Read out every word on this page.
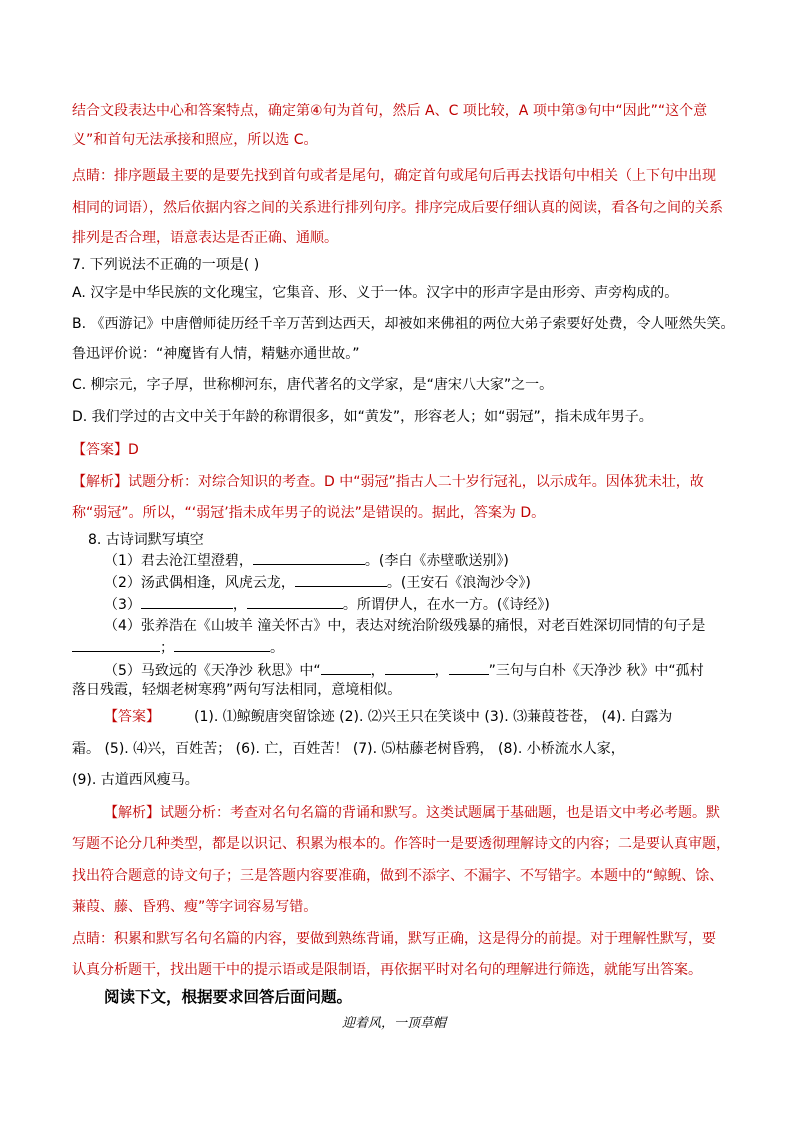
结合文段表达中心和答案特点，确定第④句为首句，然后 A、C 项比较，A 项中第③句中“因此”“这个意
义”和首句无法承接和照应，所以选 C。
点睛：排序题最主要的是要先找到首句或者是尾句，确定首句或尾句后再去找语句中相关（上下句中出现
相同的词语），然后依据内容之间的关系进行排列句序。排序完成后要仔细认真的阅读，看各句之间的关系
排列是否合理，语意表达是否正确、通顺。
7. 下列说法不正确的一项是( )
A. 汉字是中华民族的文化瑰宝，它集音、形、义于一体。汉字中的形声字是由形旁、声旁构成的。
B. 《西游记》中唐僧师徒历经千辛万苦到达西天，却被如来佛祖的两位大弟子索要好处费，令人哑然失笑。
鲁迅评价说：“神魔皆有人情，精魅亦通世故。”
C. 柳宗元，字子厚，世称柳河东，唐代著名的文学家，是“唐宋八大家”之一。
D. 我们学过的古文中关于年龄的称谓很多，如“黄发”，形容老人；如“弱冠”，指未成年男子。
【答案】D
【解析】试题分析：对综合知识的考查。D 中“弱冠”指古人二十岁行冠礼，以示成年。因体犹未壮，故
称“弱冠”。所以，“‘弱冠’指未成年男子的说法”是错误的。据此，答案为 D。
8. 古诗词默写填空
（1）君去沧江望澄碧，	。(李白《赤壁歌送别》)
（2）汤武偶相逢，风虎云龙，	。(王安石《浪淘沙令》)
（3）	，	。所谓伊人，在水一方。(《诗经》)
（4）张养浩在《山坡羊 潼关怀古》中，表达对统治阶级残暴的痛恨，对老百姓深切同情的句子是
；	。
（5）马致远的《天净沙 秋思》中“	，	，	”三句与白朴《天净沙 秋》中“孤村
落日残霞，轻烟老树寒鸦”两句写法相同，意境相似。
【答案】 (1). ⑴鲸鲵唐突留馀迹 (2). ⑵兴王只在笑谈中 (3). ⑶蒹葭苍苍， (4). 白露为
霜。 (5). ⑷兴，百姓苦； (6). 亡，百姓苦！ (7). ⑸枯藤老树昏鸦， (8). 小桥流水人家，
(9). 古道西风瘦马。
【解析】试题分析：考查对名句名篇的背诵和默写。这类试题属于基础题，也是语文中考必考题。默
写题不论分几种类型，都是以识记、积累为根本的。作答时一是要透彻理解诗文的内容；二是要认真审题，
找出符合题意的诗文句子；三是答题内容要准确，做到不添字、不漏字、不写错字。本题中的“鲸鲵、馀、
蒹葭、藤、昏鸦、瘦”等字词容易写错。
点睛：积累和默写名句名篇的内容，要做到熟练背诵，默写正确，这是得分的前提。对于理解性默写，要
认真分析题干，找出题干中的提示语或是限制语，再依据平时对名句的理解进行筛选，就能写出答案。
阅读下文，根据要求回答后面问题。
迎着风，一顶草帽
